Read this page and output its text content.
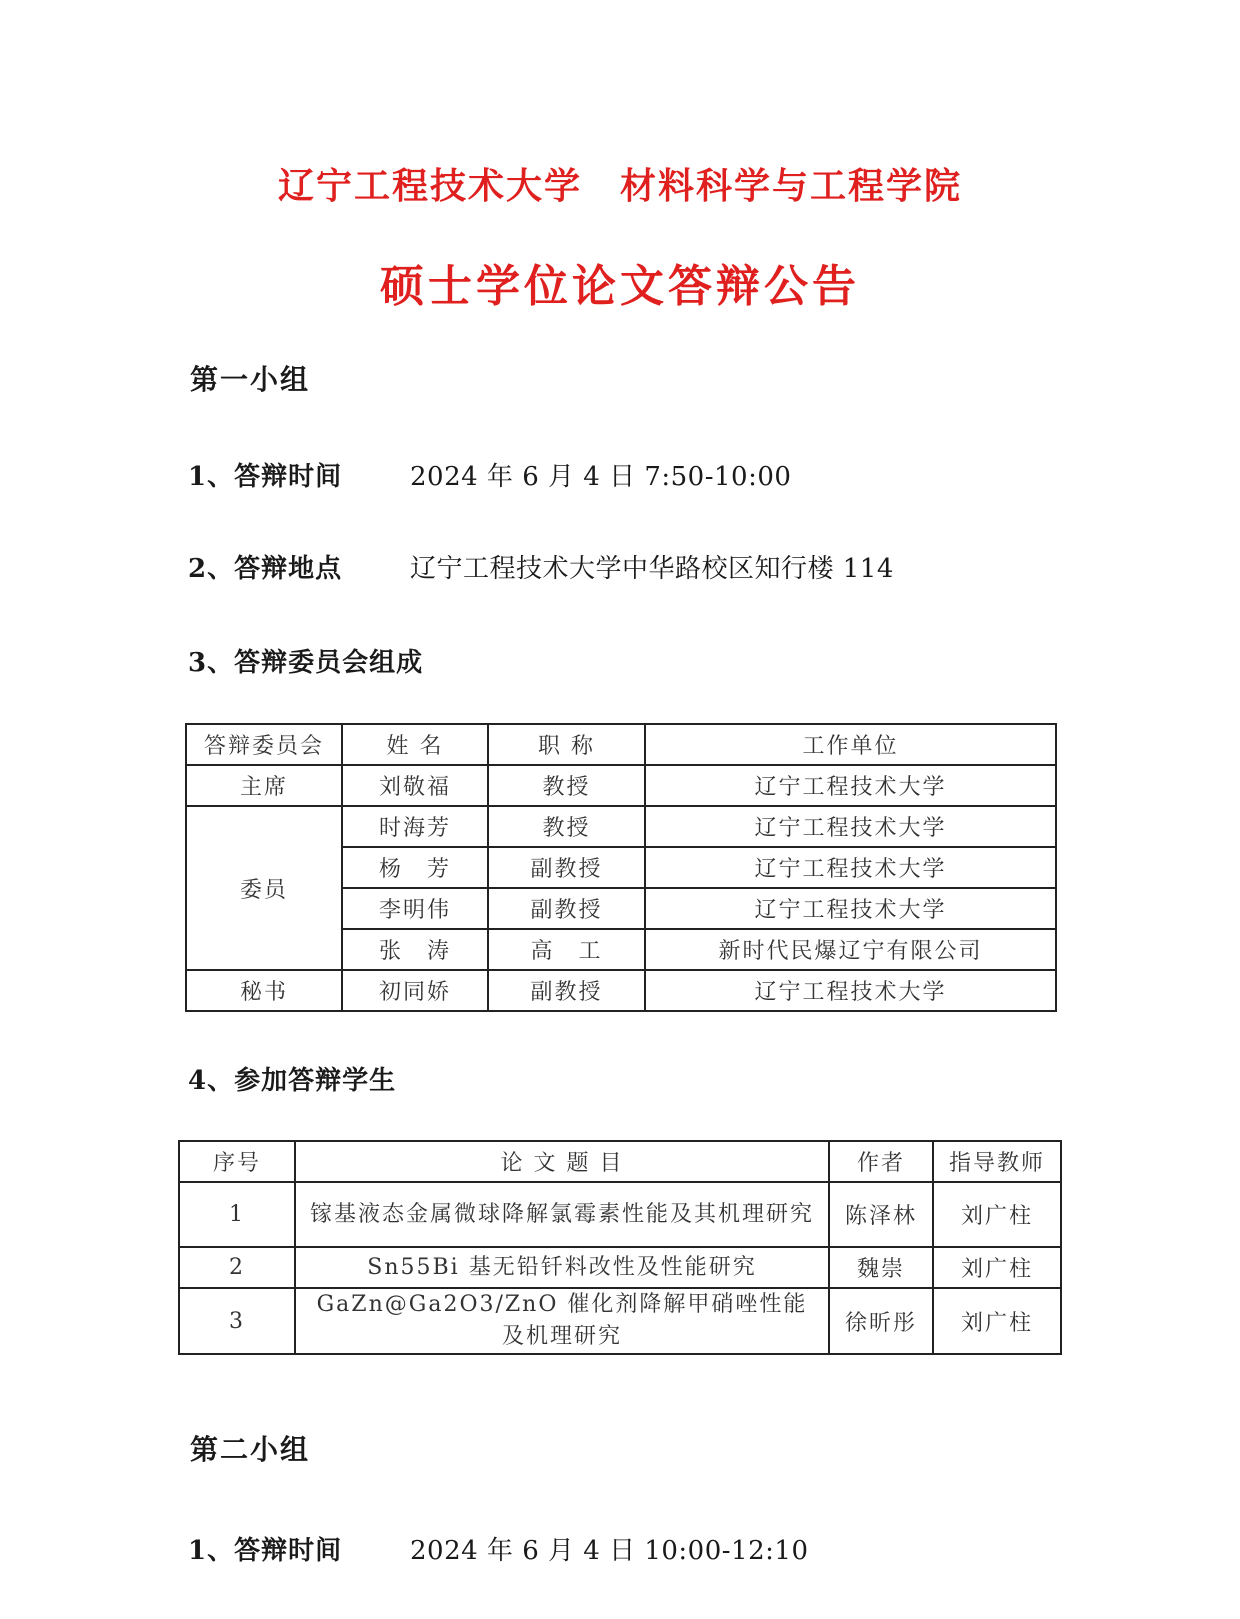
辽宁工程技术大学　材料科学与工程学院
硕士学位论文答辩公告
第一小组
1、答辩时间	2024 年 6 月 4 日 7:50-10:00
2、答辩地点	辽宁工程技术大学中华路校区知行楼 114
3、答辩委员会组成
答辩委员会	姓 名	职 称	工作单位
主席	刘敬福	教授	辽宁工程技术大学
委员	时海芳	教授	辽宁工程技术大学
	杨　芳	副教授	辽宁工程技术大学
	李明伟	副教授	辽宁工程技术大学
	张　涛	高　工	新时代民爆辽宁有限公司
秘书	初同娇	副教授	辽宁工程技术大学
4、参加答辩学生
序号	论 文 题 目	作者	指导教师
1	镓基液态金属微球降解氯霉素性能及其机理研究	陈泽林	刘广柱
2	Sn55Bi 基无铅钎料改性及性能研究	魏崇	刘广柱
3	GaZn@Ga2O3/ZnO 催化剂降解甲硝唑性能及机理研究	徐昕彤	刘广柱
第二小组
1、答辩时间	2024 年 6 月 4 日 10:00-12:10
